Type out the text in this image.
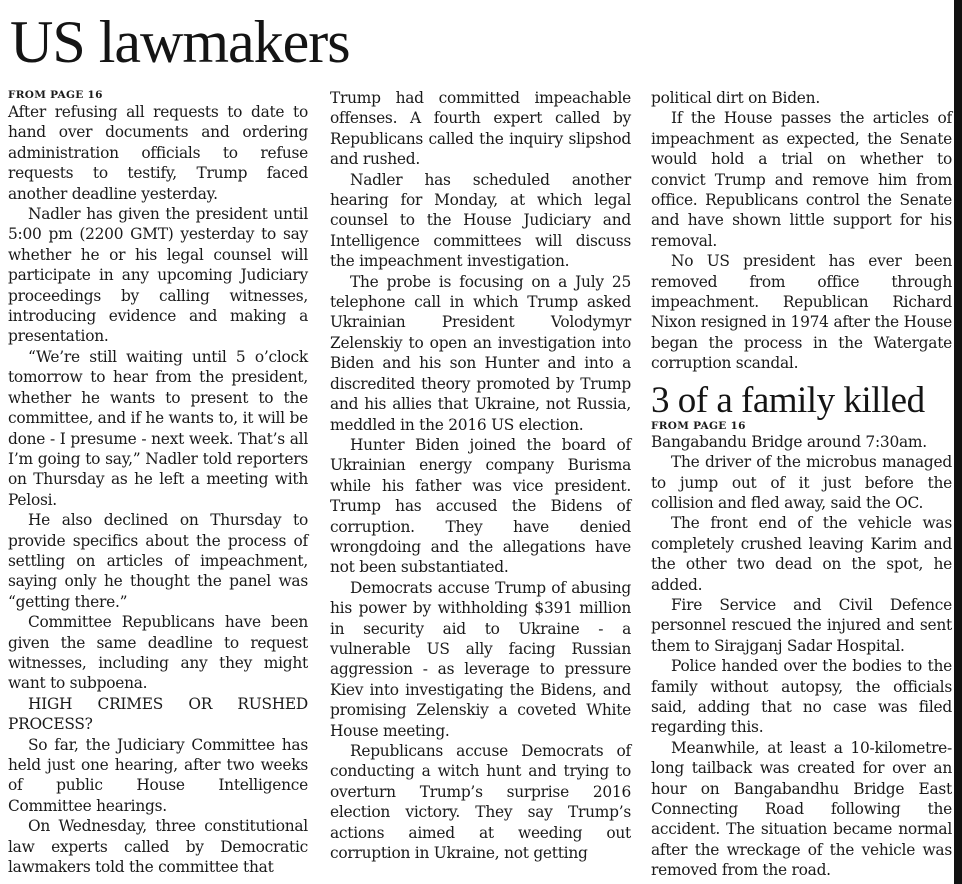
US lawmakers
FROM PAGE 16

After refusing all requests to date to hand over documents and ordering administration officials to refuse requests to testify, Trump faced another deadline yesterday.

Nadler has given the president until 5:00 pm (2200 GMT) yesterday to say whether he or his legal counsel will participate in any upcoming Judiciary proceedings by calling witnesses, introducing evidence and making a presentation.

“We’re still waiting until 5 o’clock tomorrow to hear from the president, whether he wants to present to the committee, and if he wants to, it will be done - I presume - next week. That’s all I’m going to say,” Nadler told reporters on Thursday as he left a meeting with Pelosi.

He also declined on Thursday to provide specifics about the process of settling on articles of impeachment, saying only he thought the panel was “getting there.”

Committee Republicans have been given the same deadline to request witnesses, including any they might want to subpoena.

HIGH CRIMES OR RUSHED PROCESS?

So far, the Judiciary Committee has held just one hearing, after two weeks of public House Intelligence Committee hearings.

On Wednesday, three constitutional law experts called by Democratic lawmakers told the committee that

Trump had committed impeachable offenses. A fourth expert called by Republicans called the inquiry slipshod and rushed.

Nadler has scheduled another hearing for Monday, at which legal counsel to the House Judiciary and Intelligence committees will discuss the impeachment investigation.

The probe is focusing on a July 25 telephone call in which Trump asked Ukrainian President Volodymyr Zelenskiy to open an investigation into Biden and his son Hunter and into a discredited theory promoted by Trump and his allies that Ukraine, not Russia, meddled in the 2016 US election.

Hunter Biden joined the board of Ukrainian energy company Burisma while his father was vice president. Trump has accused the Bidens of corruption. They have denied wrongdoing and the allegations have not been substantiated.

Democrats accuse Trump of abusing his power by withholding $391 million in security aid to Ukraine - a vulnerable US ally facing Russian aggression - as leverage to pressure Kiev into investigating the Bidens, and promising Zelenskiy a coveted White House meeting.

Republicans accuse Democrats of conducting a witch hunt and trying to overturn Trump’s surprise 2016 election victory. They say Trump’s actions aimed at weeding out corruption in Ukraine, not getting

political dirt on Biden.

If the House passes the articles of impeachment as expected, the Senate would hold a trial on whether to convict Trump and remove him from office. Republicans control the Senate and have shown little support for his removal.

No US president has ever been removed from office through impeachment. Republican Richard Nixon resigned in 1974 after the House began the process in the Watergate corruption scandal.

3 of a family killed
FROM PAGE 16

Bangabandu Bridge around 7:30am.

The driver of the microbus managed to jump out of it just before the collision and fled away, said the OC.

The front end of the vehicle was completely crushed leaving Karim and the other two dead on the spot, he added.

Fire Service and Civil Defence personnel rescued the injured and sent them to Sirajganj Sadar Hospital.

Police handed over the bodies to the family without autopsy, the officials said, adding that no case was filed regarding this.

Meanwhile, at least a 10-kilometre-long tailback was created for over an hour on Bangabandhu Bridge East Connecting Road following the accident. The situation became normal after the wreckage of the vehicle was removed from the road.
